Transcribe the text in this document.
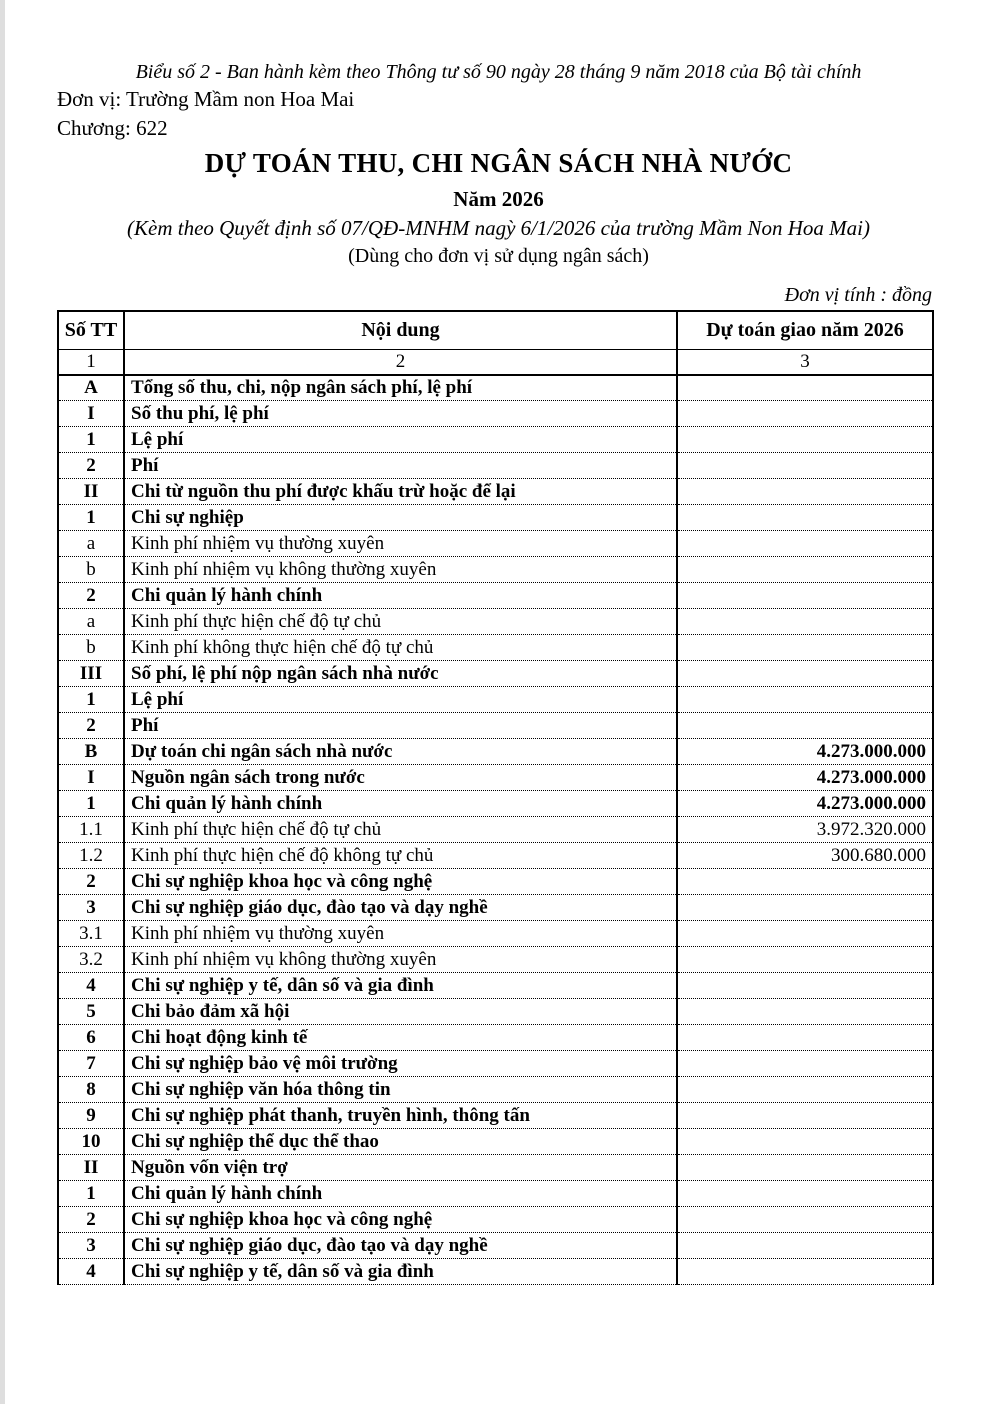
Biểu số 2 - Ban hành kèm theo Thông tư số 90 ngày 28 tháng 9 năm 2018 của Bộ tài chính
Đơn vị: Trường Mầm non Hoa Mai
Chương: 622
DỰ TOÁN THU, CHI NGÂN SÁCH NHÀ NƯỚC
Năm 2026
(Kèm theo Quyết định số 07/QĐ-MNHM nagỳ 6/1/2026 của trường Mầm Non Hoa Mai)
(Dùng cho đơn vị sử dụng ngân sách)
Đơn vị tính : đồng
Số TT	Nội dung	Dự toán giao năm 2026
1	2	3
A	Tổng số thu, chi, nộp ngân sách phí, lệ phí	
I	Số thu phí, lệ phí	
1	Lệ phí	
2	Phí	
II	Chi từ nguồn thu phí được khấu trừ hoặc để lại	
1	Chi sự nghiệp	
a	Kinh phí nhiệm vụ thường xuyên	
b	Kinh phí nhiệm vụ không thường xuyên	
2	Chi quản lý hành chính	
a	Kinh phí thực hiện chế độ tự chủ	
b	Kinh phí không thực hiện chế độ tự chủ	
III	Số phí, lệ phí nộp ngân sách nhà nước	
1	Lệ phí	
2	Phí	
B	Dự toán chi ngân sách nhà nước	4.273.000.000
I	Nguồn ngân sách trong nước	4.273.000.000
1	Chi quản lý hành chính	4.273.000.000
1.1	Kinh phí thực hiện chế độ tự chủ	3.972.320.000
1.2	Kinh phí thực hiện chế độ không tự chủ	300.680.000
2	Chi sự nghiệp khoa học và công nghệ	
3	Chi sự nghiệp giáo dục, đào tạo và dạy nghề	
3.1	Kinh phí nhiệm vụ thường xuyên	
3.2	Kinh phí nhiệm vụ không thường xuyên	
4	Chi sự nghiệp y tế, dân số và gia đình	
5	Chi bảo đảm xã hội	
6	Chi hoạt động kinh tế	
7	Chi sự nghiệp bảo vệ môi trường	
8	Chi sự nghiệp văn hóa thông tin	
9	Chi sự nghiệp phát thanh, truyền hình, thông tấn	
10	Chi sự nghiệp thể dục thể thao	
II	Nguồn vốn viện trợ	
1	Chi quản lý hành chính	
2	Chi sự nghiệp khoa học và công nghệ	
3	Chi sự nghiệp giáo dục, đào tạo và dạy nghề	
4	Chi sự nghiệp y tế, dân số và gia đình	
